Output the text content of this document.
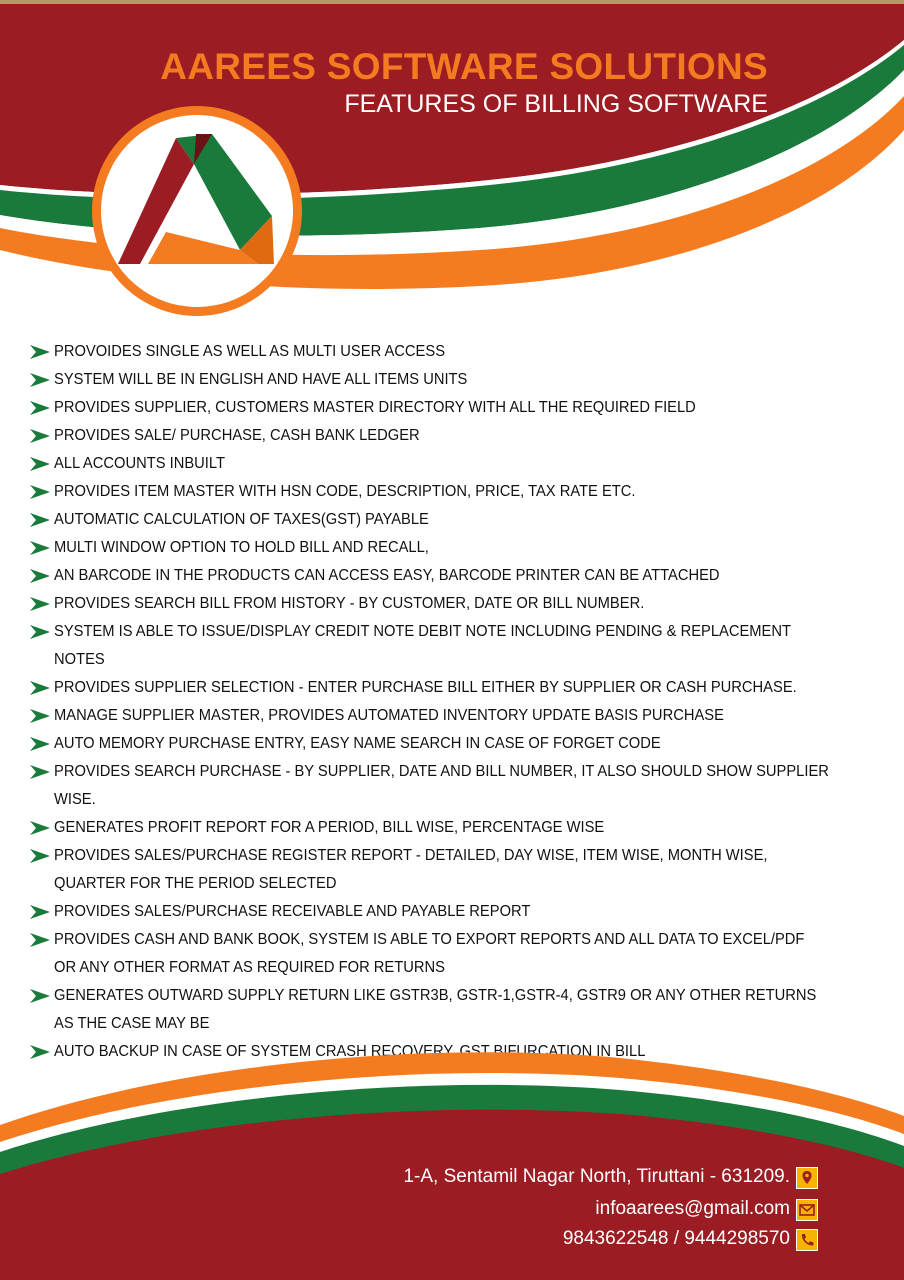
AAREES SOFTWARE SOLUTIONS
FEATURES OF BILLING SOFTWARE
PROVOIDES SINGLE AS WELL AS MULTI USER ACCESS
SYSTEM WILL BE IN ENGLISH AND HAVE ALL ITEMS UNITS
PROVIDES SUPPLIER, CUSTOMERS MASTER DIRECTORY WITH ALL THE REQUIRED FIELD
PROVIDES SALE/ PURCHASE, CASH BANK LEDGER
ALL ACCOUNTS INBUILT
PROVIDES ITEM MASTER WITH HSN CODE, DESCRIPTION, PRICE, TAX RATE ETC.
AUTOMATIC CALCULATION OF TAXES(GST) PAYABLE
MULTI WINDOW OPTION TO HOLD BILL AND RECALL,
AN BARCODE IN THE PRODUCTS CAN ACCESS EASY, BARCODE PRINTER CAN BE ATTACHED
PROVIDES SEARCH BILL FROM HISTORY - BY CUSTOMER, DATE OR BILL NUMBER.
SYSTEM IS ABLE TO ISSUE/DISPLAY CREDIT NOTE DEBIT NOTE INCLUDING PENDING & REPLACEMENT NOTES
PROVIDES SUPPLIER SELECTION - ENTER PURCHASE BILL EITHER BY SUPPLIER OR CASH PURCHASE.
MANAGE SUPPLIER MASTER, PROVIDES AUTOMATED INVENTORY UPDATE BASIS PURCHASE
AUTO MEMORY PURCHASE ENTRY, EASY NAME SEARCH IN CASE OF FORGET CODE
PROVIDES SEARCH PURCHASE - BY SUPPLIER, DATE AND BILL NUMBER, IT ALSO SHOULD SHOW SUPPLIER WISE.
GENERATES PROFIT REPORT FOR A PERIOD, BILL WISE, PERCENTAGE WISE
PROVIDES SALES/PURCHASE REGISTER REPORT - DETAILED, DAY WISE, ITEM WISE, MONTH WISE,
QUARTER FOR THE PERIOD SELECTED
PROVIDES SALES/PURCHASE RECEIVABLE AND PAYABLE REPORT
PROVIDES CASH AND BANK BOOK, SYSTEM IS ABLE TO EXPORT REPORTS AND ALL DATA TO EXCEL/PDF
OR ANY OTHER FORMAT AS REQUIRED FOR RETURNS
GENERATES OUTWARD SUPPLY RETURN LIKE GSTR3B, GSTR-1,GSTR-4, GSTR9 OR ANY OTHER RETURNS
AS THE CASE MAY BE
AUTO BACKUP IN CASE OF SYSTEM CRASH RECOVERY, GST BIFURCATION IN BILL
1-A, Sentamil Nagar North, Tiruttani - 631209.
infoaarees@gmail.com
9843622548 / 9444298570
